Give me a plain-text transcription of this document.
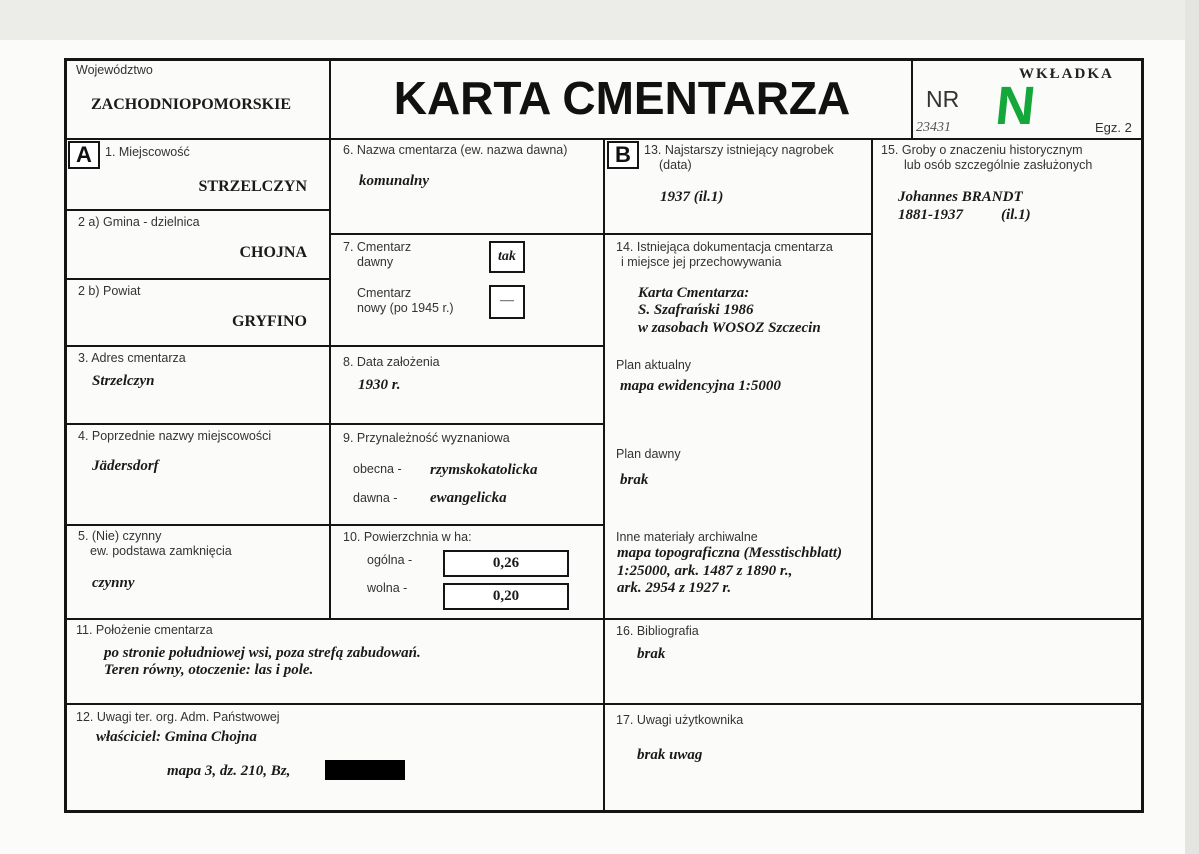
Województwo
ZACHODNIOPOMORSKIE	KARTA CMENTARZA	WKŁADKA
NR N
23431	Egz. 2
A	1. Miejscowość
STRZELCZYN
2 a) Gmina - dzielnica
CHOJNA
2 b) Powiat
GRYFINO
3. Adres cmentarza
Strzelczyn
4. Poprzednie nazwy miejscowości
Jädersdorf
5. (Nie) czynny
ew. podstawa zamknięcia
czynny
6. Nazwa cmentarza (ew. nazwa dawna)
komunalny
7. Cmentarz
dawny	tak
Cmentarz
nowy (po 1945 r.)	—
8. Data założenia
1930 r.
9. Przynależność wyznaniowa
obecna - rzymskokatolicka
dawna - ewangelicka
10. Powierzchnia w ha:
ogólna -	0,26
wolna -	0,20
B	13. Najstarszy istniejący nagrobek
(data)
1937 (il.1)
14. Istniejąca dokumentacja cmentarza
i miejsce jej przechowywania
Karta Cmentarza:
S. Szafrański 1986
w zasobach WOSOZ Szczecin
Plan aktualny
mapa ewidencyjna 1:5000
Plan dawny
brak
Inne materiały archiwalne
mapa topograficzna (Messtischblatt)
1:25000, ark. 1487 z 1890 r.,
ark. 2954 z 1927 r.
15. Groby o znaczeniu historycznym
lub osób szczególnie zasłużonych
Johannes BRANDT
1881-1937	(il.1)
11. Położenie cmentarza
po stronie południowej wsi, poza strefą zabudowań.
Teren równy, otoczenie: las i pole.
16. Bibliografia
brak
12. Uwagi ter. org. Adm. Państwowej
właściciel: Gmina Chojna
mapa 3, dz. 210, Bz,
17. Uwagi użytkownika
brak uwag
